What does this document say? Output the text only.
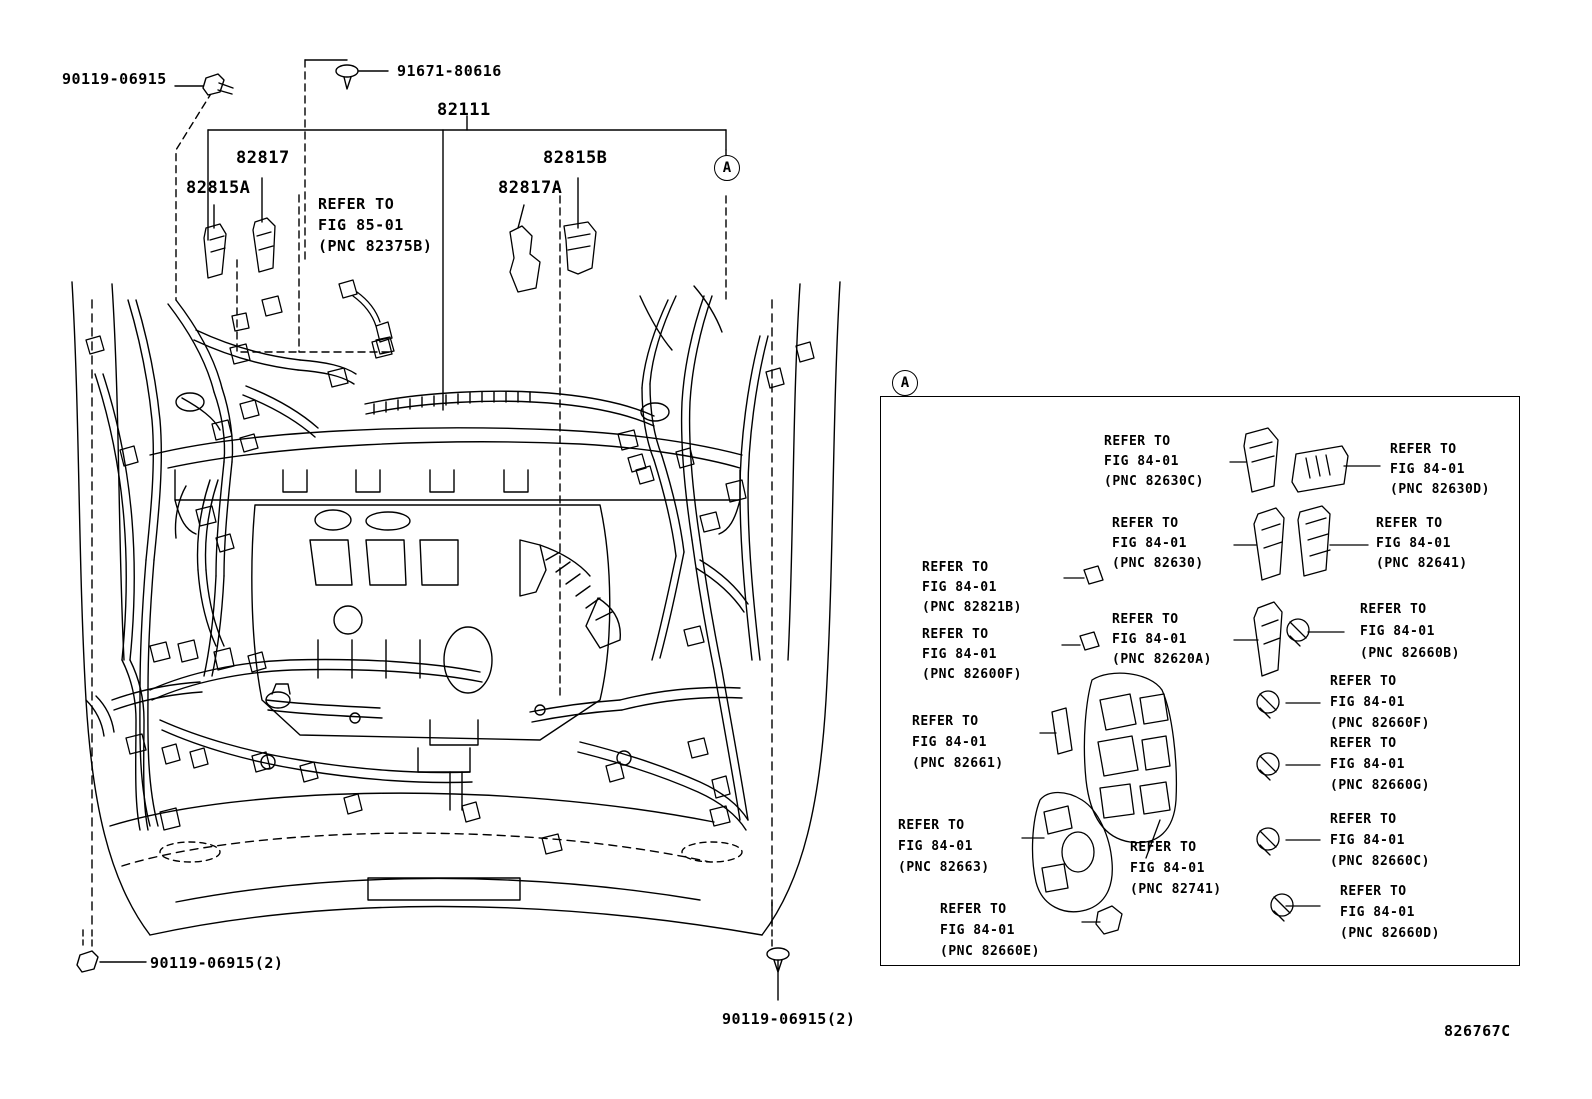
90119-06915	91671-80616
82111
82817
82815A
82815B
82817A
REFER TO
FIG 85-01
(PNC 82375B)
A
90119-06915(2)
90119-06915(2)
826767C
A
REFER TO
FIG 84-01
(PNC 82630C)
REFER TO
FIG 84-01
(PNC 82630D)
REFER TO
FIG 84-01
(PNC 82630)
REFER TO
FIG 84-01
(PNC 82641)
REFER TO
FIG 84-01
(PNC 82821B)
REFER TO
FIG 84-01
(PNC 82620A)
REFER TO
FIG 84-01
(PNC 82660B)
REFER TO
FIG 84-01
(PNC 82600F)	REFER TO
FIG 84-01
(PNC 82660F)
REFER TO
FIG 84-01
(PNC 82660G)
REFER TO
FIG 84-01
(PNC 82661)
REFER TO
FIG 84-01
(PNC 82660C)
REFER TO
FIG 84-01
(PNC 82663)
REFER TO
FIG 84-01
(PNC 82741)
REFER TO
FIG 84-01
(PNC 82660E)
REFER TO
FIG 84-01
(PNC 82660D)
